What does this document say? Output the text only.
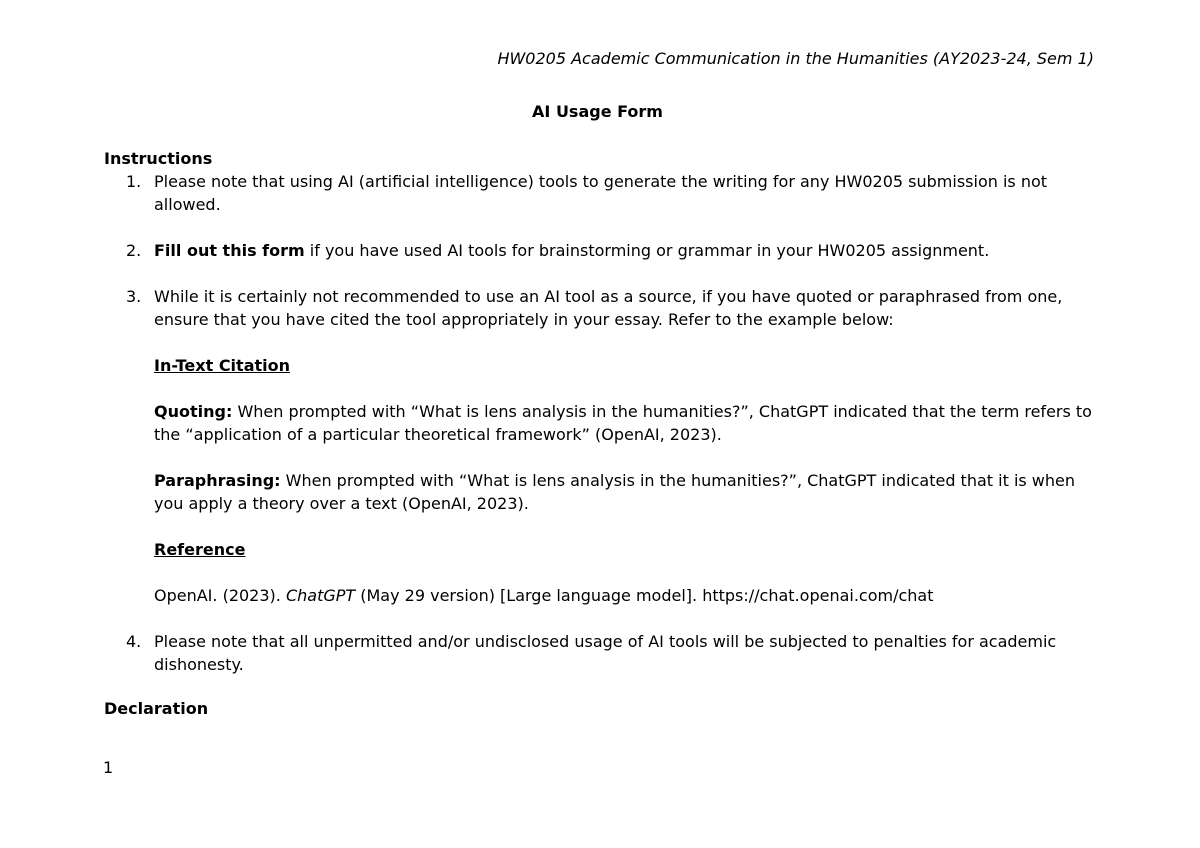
HW0205 Academic Communication in the Humanities (AY2023-24, Sem 1)
AI Usage Form
Instructions
1. Please note that using AI (artificial intelligence) tools to generate the writing for any HW0205 submission is not allowed.
2. Fill out this form if you have used AI tools for brainstorming or grammar in your HW0205 assignment.
3. While it is certainly not recommended to use an AI tool as a source, if you have quoted or paraphrased from one, ensure that you have cited the tool appropriately in your essay. Refer to the example below:
In-Text Citation
Quoting: When prompted with “What is lens analysis in the humanities?”, ChatGPT indicated that the term refers to the “application of a particular theoretical framework” (OpenAI, 2023).
Paraphrasing: When prompted with “What is lens analysis in the humanities?”, ChatGPT indicated that it is when you apply a theory over a text (OpenAI, 2023).
Reference
OpenAI. (2023). ChatGPT (May 29 version) [Large language model]. https://chat.openai.com/chat
4. Please note that all unpermitted and/or undisclosed usage of AI tools will be subjected to penalties for academic dishonesty.
Declaration
1
